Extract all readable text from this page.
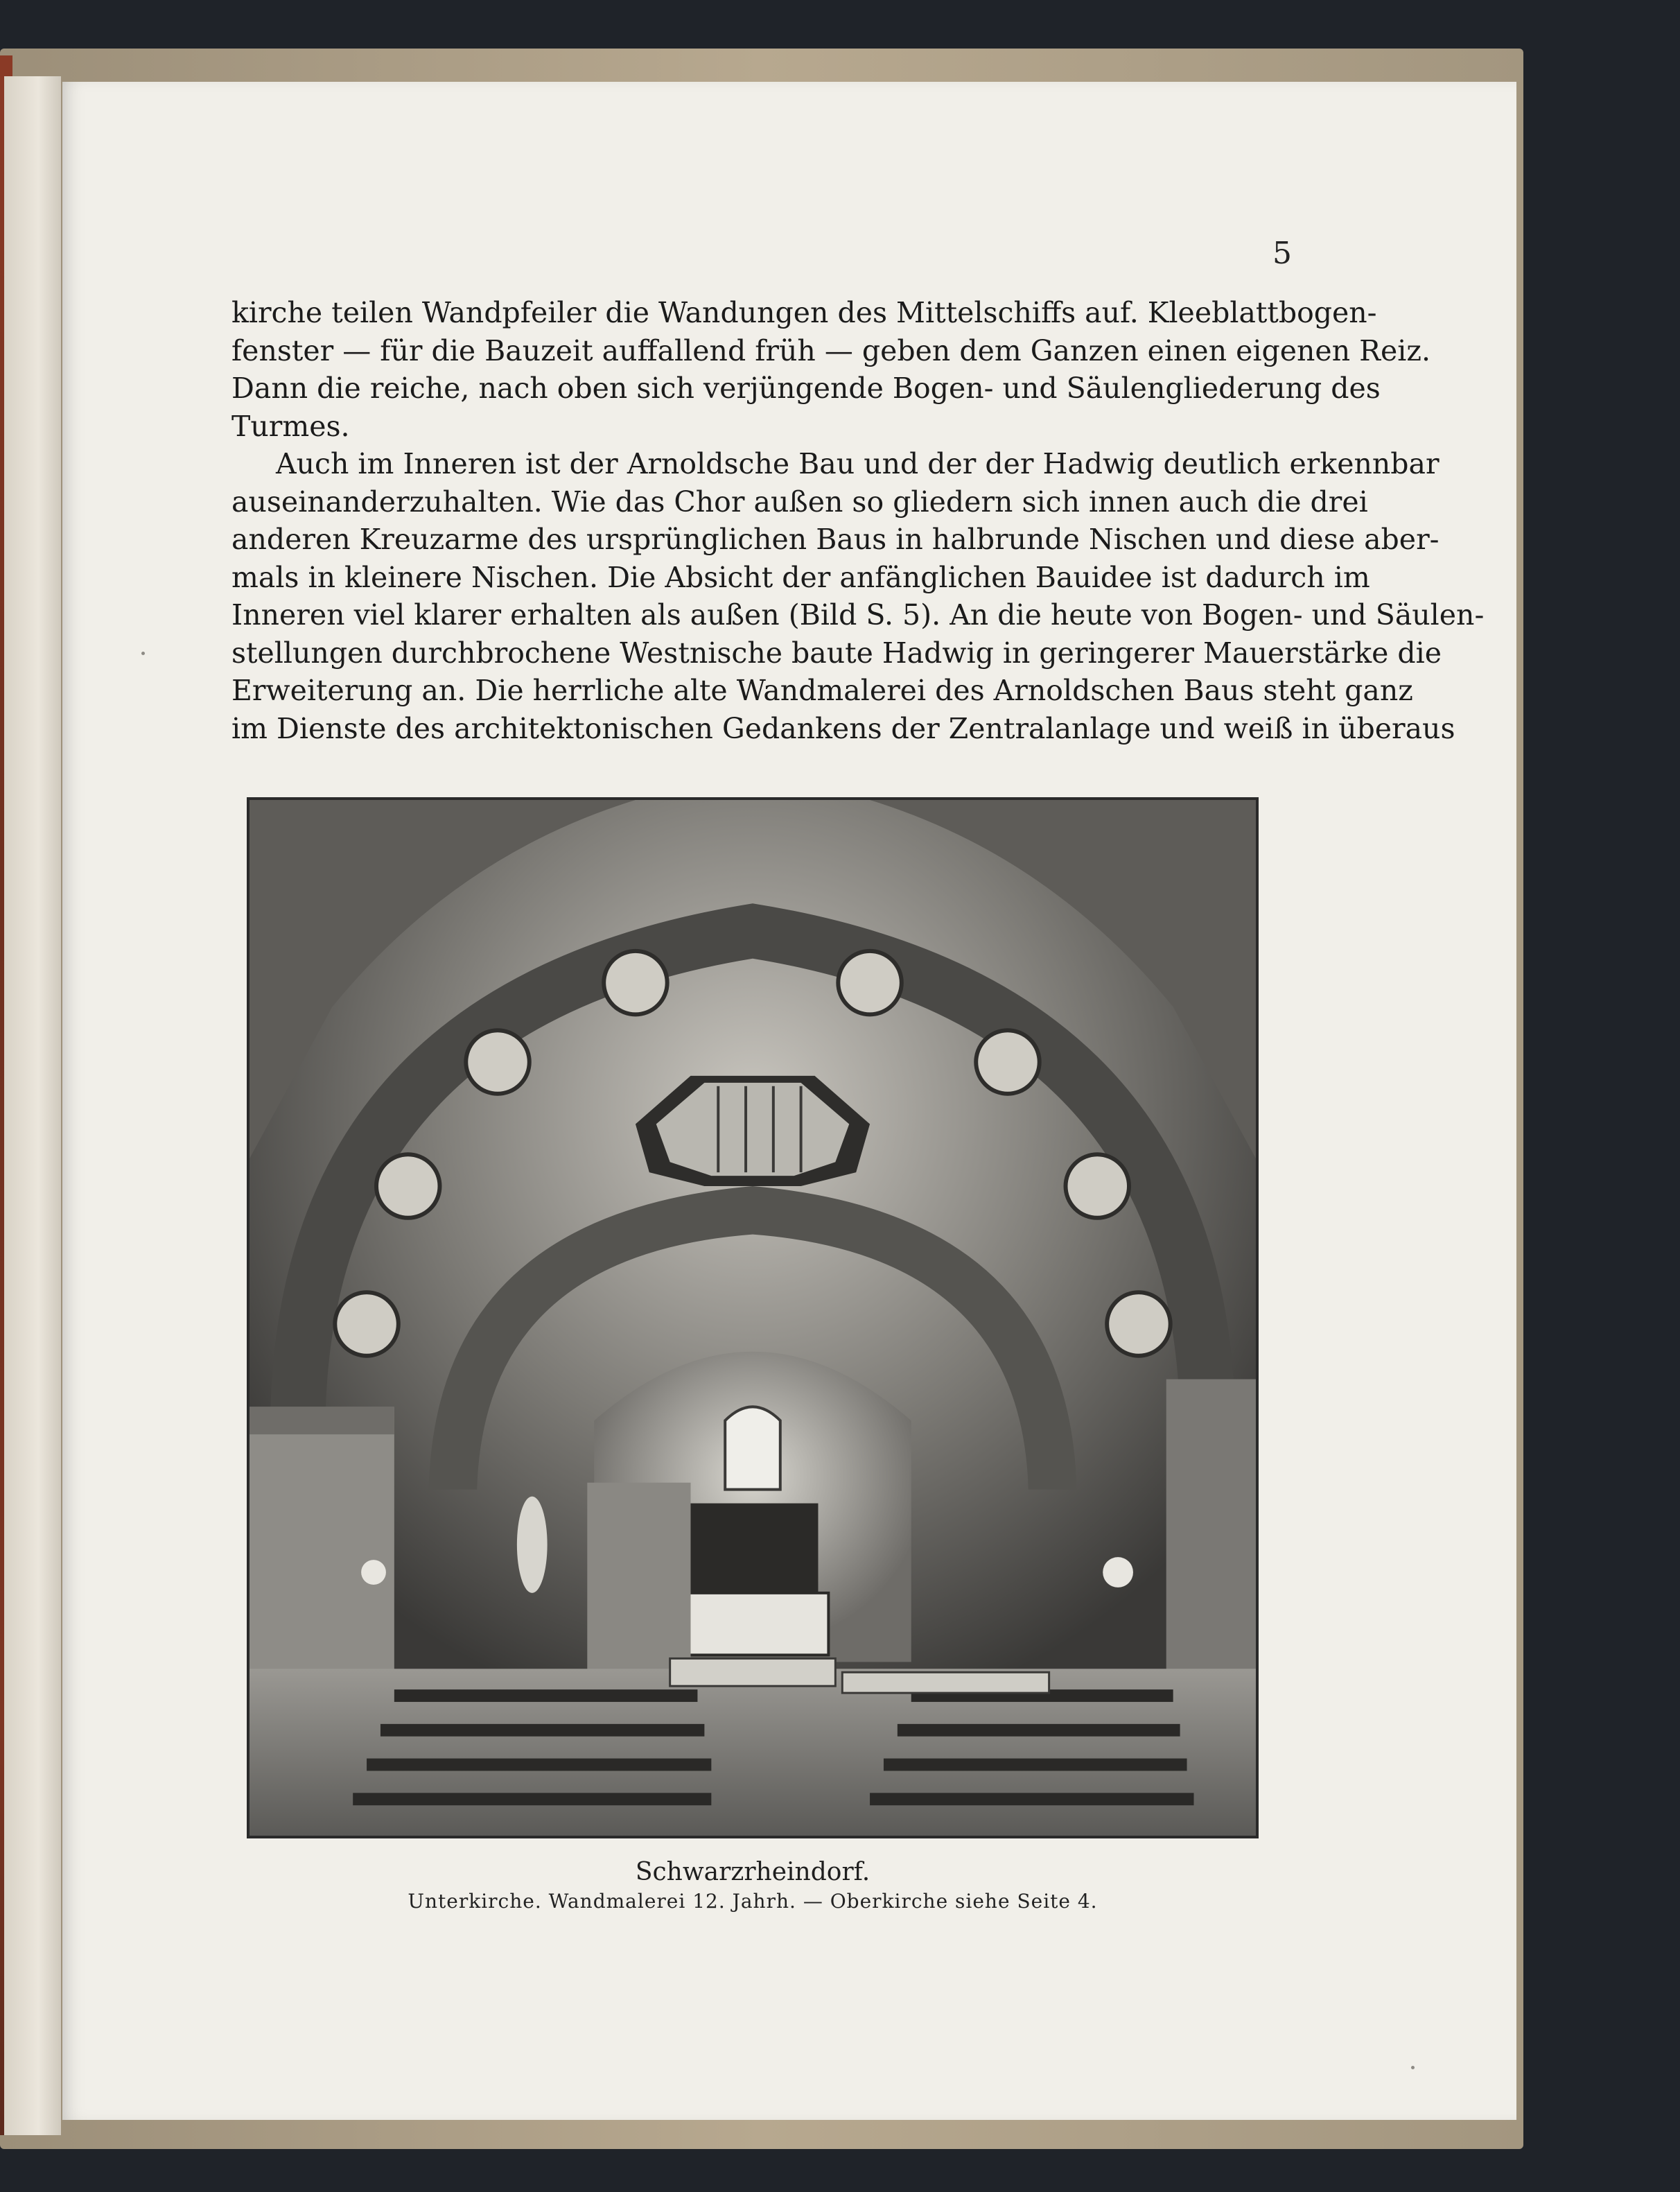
5
kirche teilen Wandpfeiler die Wandungen des Mittelschiffs auf. Kleeblattbogen-
fenster — für die Bauzeit auffallend früh — geben dem Ganzen einen eigenen Reiz.
Dann die reiche, nach oben sich verjüngende Bogen- und Säulengliederung des
Turmes.
Auch im Inneren ist der Arnoldsche Bau und der der Hadwig deutlich erkennbar
auseinanderzuhalten. Wie das Chor außen so gliedern sich innen auch die drei
anderen Kreuzarme des ursprünglichen Baus in halbrunde Nischen und diese aber-
mals in kleinere Nischen. Die Absicht der anfänglichen Bauidee ist dadurch im
Inneren viel klarer erhalten als außen (Bild S. 5). An die heute von Bogen- und Säulen-
stellungen durchbrochene Westnische baute Hadwig in geringerer Mauerstärke die
Erweiterung an. Die herrliche alte Wandmalerei des Arnoldschen Baus steht ganz
im Dienste des architektonischen Gedankens der Zentralanlage und weiß in überaus
Schwarzrheindorf.
Unterkirche. Wandmalerei 12. Jahrh. — Oberkirche siehe Seite 4.
